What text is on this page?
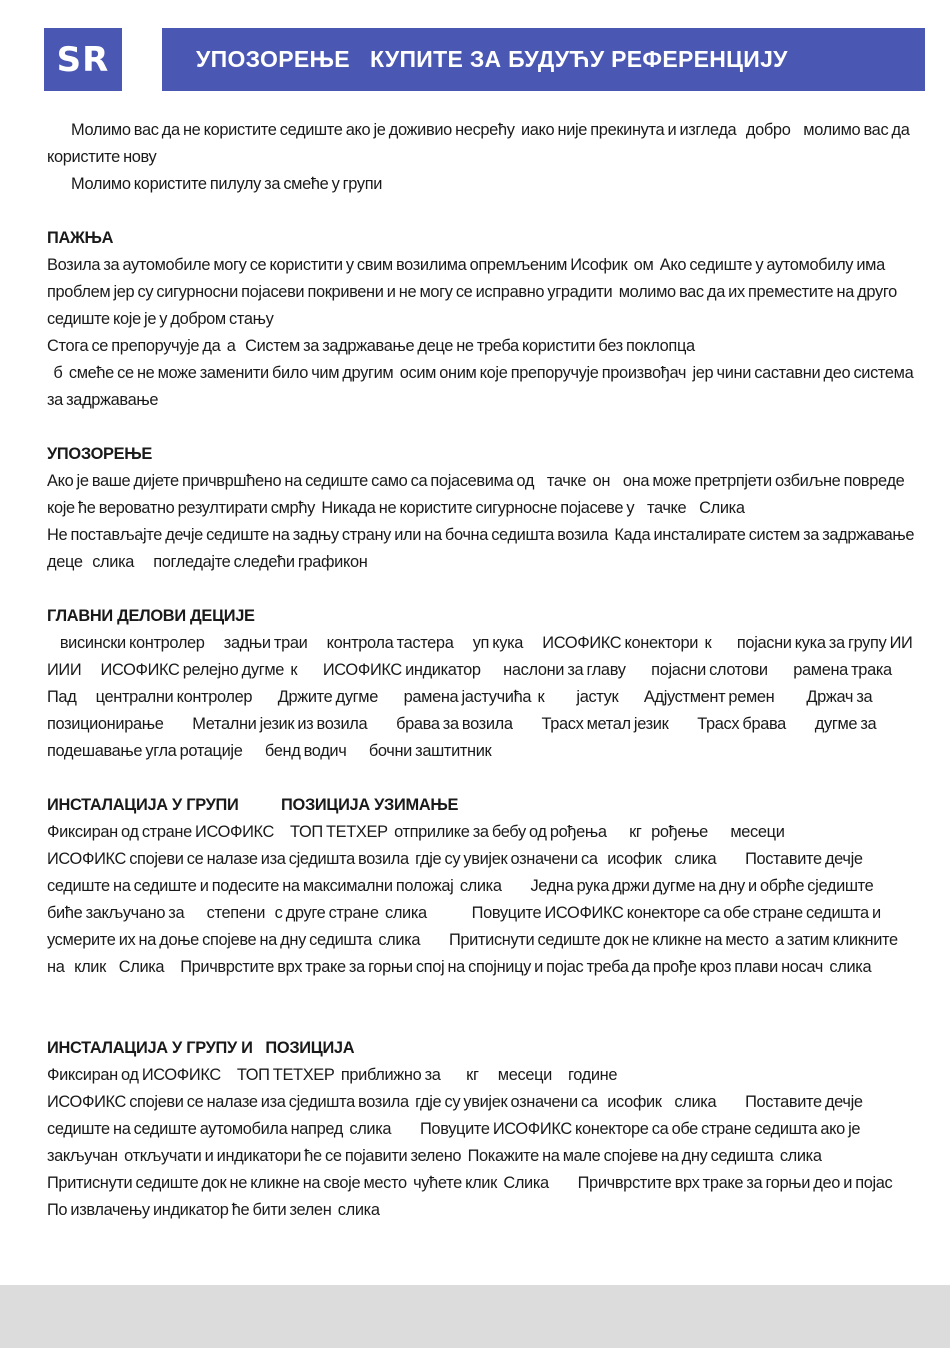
SR	УПОЗОРЕЊЕ   КУПИТЕ ЗА БУДУЋУ РЕФЕРЕНЦИЈУ

Молимо вас да не користите седиште ако је доживио несрећу  иако није прекинута и изгледа   добро    молимо вас да користите нову

Молимо користите пилулу за смеће у групи

ПАЖЊА

Возила за аутомобиле могу се користити у свим возилима опремљеним Исофик  ом  Ако седиште у аутомобилу има проблем јер су сигурносни појасеви покривени и не могу се исправно уградити  молимо вас да их преместите на друго седиште које је у добром стању

Стога се препоручује да  а   Систем за задржавање деце не треба користити без поклопца

б  смеће се не може заменити било чим другим  осим оним које препоручује произвођач  јер чини саставни део система за задржавање

УПОЗОРЕЊЕ

Ако је ваше дијете причвршћено на седиште само са појасевима од    тачке  он    она може претрпјети озбиљне повреде које ће вероватно резултирати смрћу  Никада не користите сигурносне појасеве у    тачке    Слика

Не постављајте дечје седиште на задњу страну или на бочна седишта возила  Када инсталирате систем за задржавање деце   слика      погледајте следећи графикон

ГЛАВНИ ДЕЛОВИ ДЕЦИЈЕ

висински контролер      задњи траи      контрола тастера      уп кука      ИСОФИКС конектори  к        појасни кука за групу ИИ ИИИ      ИСОФИКС релејно дугме  к        ИСОФИКС индикатор       наслони за главу        појасни слотови        рамена трака      Пад      централни контролер        Држите дугме        рамена јастучића  к          јастук        Адјустмент ремен          Држач за позиционирање         Метални језик из возила         брава за возила         Трасх метал језик         Трасх брава         дугме за подешавање угла ротације       бенд водич       бочни заштитник

ИНСТАЛАЦИЈА У ГРУПИ          ПОЗИЦИЈА УЗИМАЊЕ

Фиксиран од стране ИСОФИКС     ТОП ТЕТХЕР  отприлике за бебу од рођења       кг   рођење       месеци

ИСОФИКС спојеви се налазе иза сједишта возила  гдје су увијек означени са   исофик    слика         Поставите дечје седиште на седиште и подесите на максимални положај  слика         Једна рука држи дугме на дну и обрће сједиште  биће закључано за       степени   с друге стране  слика              Повуците ИСОФИКС конекторе са обе стране седишта и усмерите их на доње спојеве на дну седишта  слика         Притиснути седиште док не кликне на место  а затим кликните на   клик    Слика     Причврстите врх траке за горњи спој на спојницу и појас треба да прође кроз плави носач  слика

ИНСТАЛАЦИЈА У ГРУПУ И   ПОЗИЦИЈА

Фиксиран од ИСОФИКС     ТОП ТЕТХЕР  приближно за        кг      месеци     године

ИСОФИКС спојеви се налазе иза сједишта возила  гдје су увијек означени са   исофик    слика         Поставите дечје седиште на седиште аутомобила напред  слика         Повуците ИСОФИКС конекторе са обе стране седишта ако је закључан  откључати и индикатори ће се појавити зелено  Покажите на мале спојеве на дну седишта  слика                     Притиснути седиште док не кликне на своје место  чућете клик  Слика         Причврстите врх траке за горњи део и појас  По извлачењу индикатор ће бити зелен  слика
